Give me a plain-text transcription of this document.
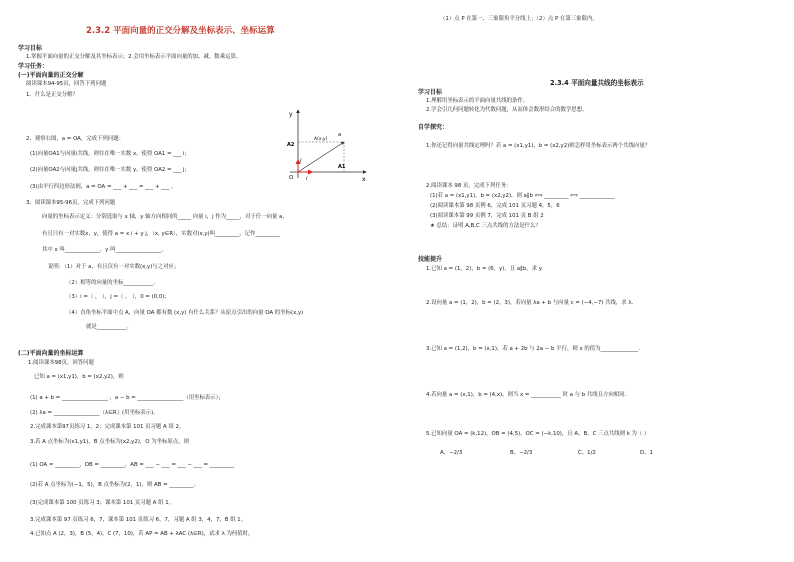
2.3.2 平面向量的正交分解及坐标表示、坐标运算
学习目标
1.掌握平面向量的正交分解及其坐标表示；2.会用坐标表示平面向量的加、减、数乘运算。
学习任务：
(一)平面向量的正交分解
阅读课本94-95页，回答下列问题
1、什么是正交分解？
2、观察右图，a = OA，完成下列问题：
(1)向量OA1与向量i共线，则存在唯一实数 x，使得 OA1 = ___ i；
(2)向量OA2与向量j共线，则存在唯一实数 y，使得 OA2 = ___ j；
(3)由平行四边形法则，a = OA = ___ + ___ = ___ + ___ 。
3、阅读课本95-96页，完成下列问题
向量的坐标表示定义：分别选取与 x 轴，y 轴方向相同的_____ 向量 i，j 作为_____，对于任一向量 a，
有且只有一对实数x，y，使得 a = x i + y j，（x, y∈R），实数对(x,y)叫_________，记作_________
其中 x 叫_____________，y 叫_________________。
说明：（1）对于 a，有且仅有一对实数(x,y)与之对应；
（2）相等的向量的坐标___________。
（3）i =（ ， ），j =（ ， ），0 = (0,0)；
（4）直角坐标平面中点 A，向量 OA 都有数 (x,y) 有什么关系？从原点引出的向量 OA 的坐标(x,y)
就是___________。
(二)平面向量的坐标运算
1.阅读课本98页，回答问题
已知 a = (x1,y1)，b = (x2,y2)，则
(1) a + b = _________________ ，a − b = _________________（用坐标表示）；
(2) λa = _________________（λ∈R）(用坐标表示)。
2.完成课本第97页练习 1，2；完成课本第 101 页习题 A 组 2。
3.若 A 点坐标为(x1,y1)，B 点坐标为(x2,y2)，O 为坐标原点，则
(1) OA = _________，OB = _________，AB = ___ − ___ = ___ − ___ = _________
(2)若 A 点坐标为(−1，5)，B 点坐标为(2，1)，则 AB = _________。
(3)完成课本第 100 页练习 3；课本第 101 页习题 A 组 1。
3.完成课本第 97 页练习 6，7，课本第 101 页练习 6，7，习题 A 组 3，4，7，B 组 1。
4.已知点 A (2，3)，B (5，4)，C (7，10)，若 AP = AB + λAC (λ∈R)，试求 λ 为何值时，
y
x
O
A(x,y)
a
A2
A1
i
j
（1）点 P 在第一、三象限角平分线上；（2）点 P 在第三象限内。
2.3.4 平面向量共线的坐标表示
学习目标
1.理解用坐标表示的平面向量共线的条件。
2.学会引几何问题转化为代数问题，从而体会数形结合的数学思想。
自学探究：
1.你还记得向量共线定理吗？若 a = (x1,y1)，b = (x2,y2)则怎样用坐标表示两个共线向量？
2.阅读课本 98 页，完成下列任务：
(1)若 a = (x1,y1)，b = (x2,y2)，则 a∥b ⟺ _________ ⟺ _____________
(2)阅读课本第 98 页例 6，完成 101 页习题 4，5，6
(3)阅读课本第 99 页例 7，完成 101 页 B 组 2
★ 总结：证明 A,B,C 三点共线的方法是什么？
技能提升
1.已知 a = (1，2)，b = (6，y)，且 a∥b，求 y.
2.设向量 a = (1，2)，b = (2，3)，若向量 λa + b 与向量 c = (−4,−7) 共线，求 λ.
3.已知 a = (1,2)，b = (x,1)，若 a + 2b 与 2a − b 平行，则 x 的值为______________.
4.若向量 a = (x,1)，b = (4,x)，则当 x = ___________ 时 a 与 b 共线且方向相同.
5.已知向量 OA = (k,12)，OB = (4,5)，OC = (−k,10)，且 A、B、C 三点共线则 k 为（ ）
A、−2/3	B、−2/3	C、1/2	D、1
